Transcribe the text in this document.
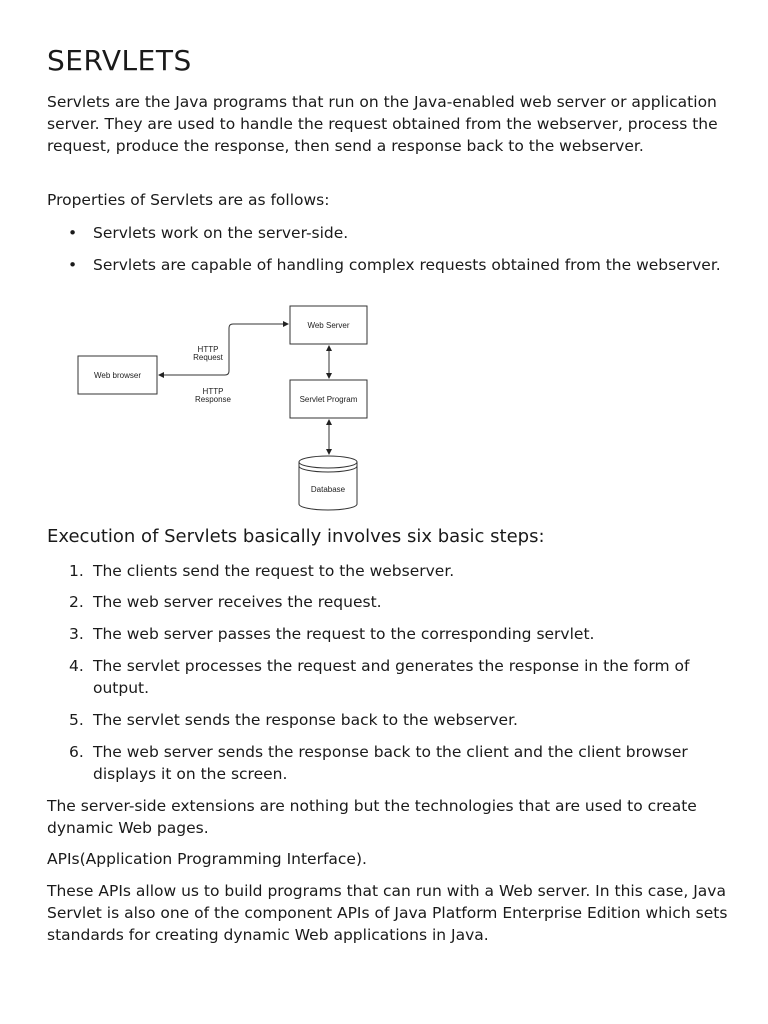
SERVLETS
Servlets are the Java programs that run on the Java-enabled web server or application server. They are used to handle the request obtained from the webserver, process the request, produce the response, then send a response back to the webserver.
Properties of Servlets are as follows:
• Servlets work on the server-side.
• Servlets are capable of handling complex requests obtained from the webserver.
Web browser
Web Server
Servlet Program
Database
HTTP
Request
HTTP
Response
Execution of Servlets basically involves six basic steps:
1. The clients send the request to the webserver.
2. The web server receives the request.
3. The web server passes the request to the corresponding servlet.
4. The servlet processes the request and generates the response in the form of output.
5. The servlet sends the response back to the webserver.
6. The web server sends the response back to the client and the client browser displays it on the screen.
The server-side extensions are nothing but the technologies that are used to create dynamic Web pages.
APIs(Application Programming Interface).
These APIs allow us to build programs that can run with a Web server. In this case, Java Servlet is also one of the component APIs of Java Platform Enterprise Edition which sets standards for creating dynamic Web applications in Java.
